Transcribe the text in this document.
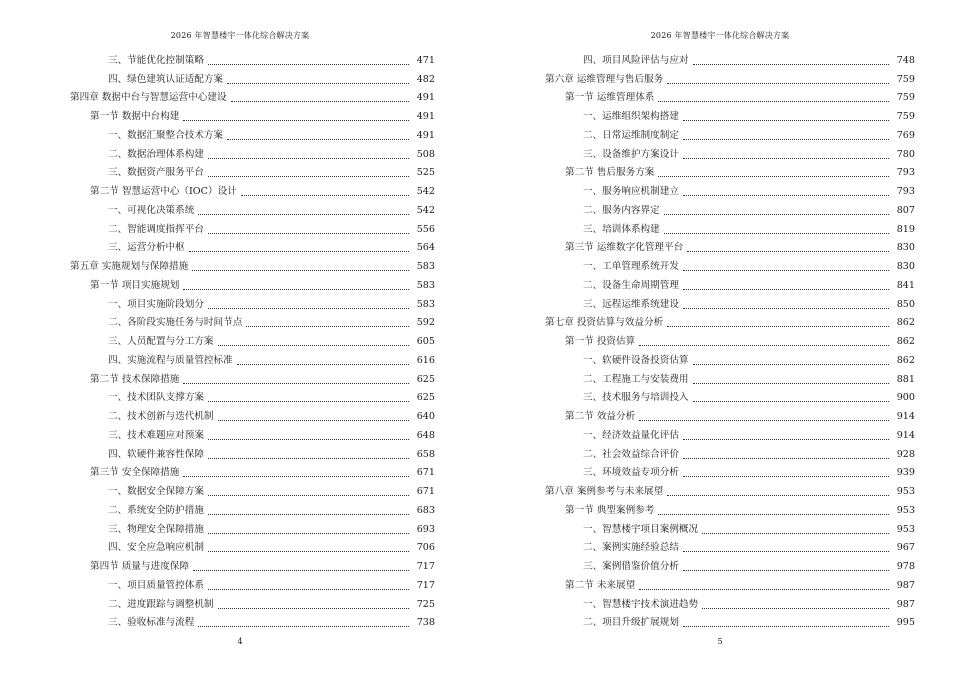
2026 年智慧楼宇一体化综合解决方案
三、节能优化控制策略	471
四、绿色建筑认证适配方案	482
第四章 数据中台与智慧运营中心建设	491
第一节 数据中台构建	491
一、数据汇聚整合技术方案	491
二、数据治理体系构建	508
三、数据资产服务平台	525
第二节 智慧运营中心（IOC）设计	542
一、可视化决策系统	542
二、智能调度指挥平台	556
三、运营分析中枢	564
第五章 实施规划与保障措施	583
第一节 项目实施规划	583
一、项目实施阶段划分	583
二、各阶段实施任务与时间节点	592
三、人员配置与分工方案	605
四、实施流程与质量管控标准	616
第二节 技术保障措施	625
一、技术团队支撑方案	625
二、技术创新与迭代机制	640
三、技术难题应对预案	648
四、软硬件兼容性保障	658
第三节 安全保障措施	671
一、数据安全保障方案	671
二、系统安全防护措施	683
三、物理安全保障措施	693
四、安全应急响应机制	706
第四节 质量与进度保障	717
一、项目质量管控体系	717
二、进度跟踪与调整机制	725
三、验收标准与流程	738
4
2026 年智慧楼宇一体化综合解决方案
四、项目风险评估与应对	748
第六章 运维管理与售后服务	759
第一节 运维管理体系	759
一、运维组织架构搭建	759
二、日常运维制度制定	769
三、设备维护方案设计	780
第二节 售后服务方案	793
一、服务响应机制建立	793
二、服务内容界定	807
三、培训体系构建	819
第三节 运维数字化管理平台	830
一、工单管理系统开发	830
二、设备生命周期管理	841
三、远程运维系统建设	850
第七章 投资估算与效益分析	862
第一节 投资估算	862
一、软硬件设备投资估算	862
二、工程施工与安装费用	881
三、技术服务与培训投入	900
第二节 效益分析	914
一、经济效益量化评估	914
二、社会效益综合评价	928
三、环境效益专项分析	939
第八章 案例参考与未来展望	953
第一节 典型案例参考	953
一、智慧楼宇项目案例概况	953
二、案例实施经验总结	967
三、案例借鉴价值分析	978
第二节 未来展望	987
一、智慧楼宇技术演进趋势	987
二、项目升级扩展规划	995
5
